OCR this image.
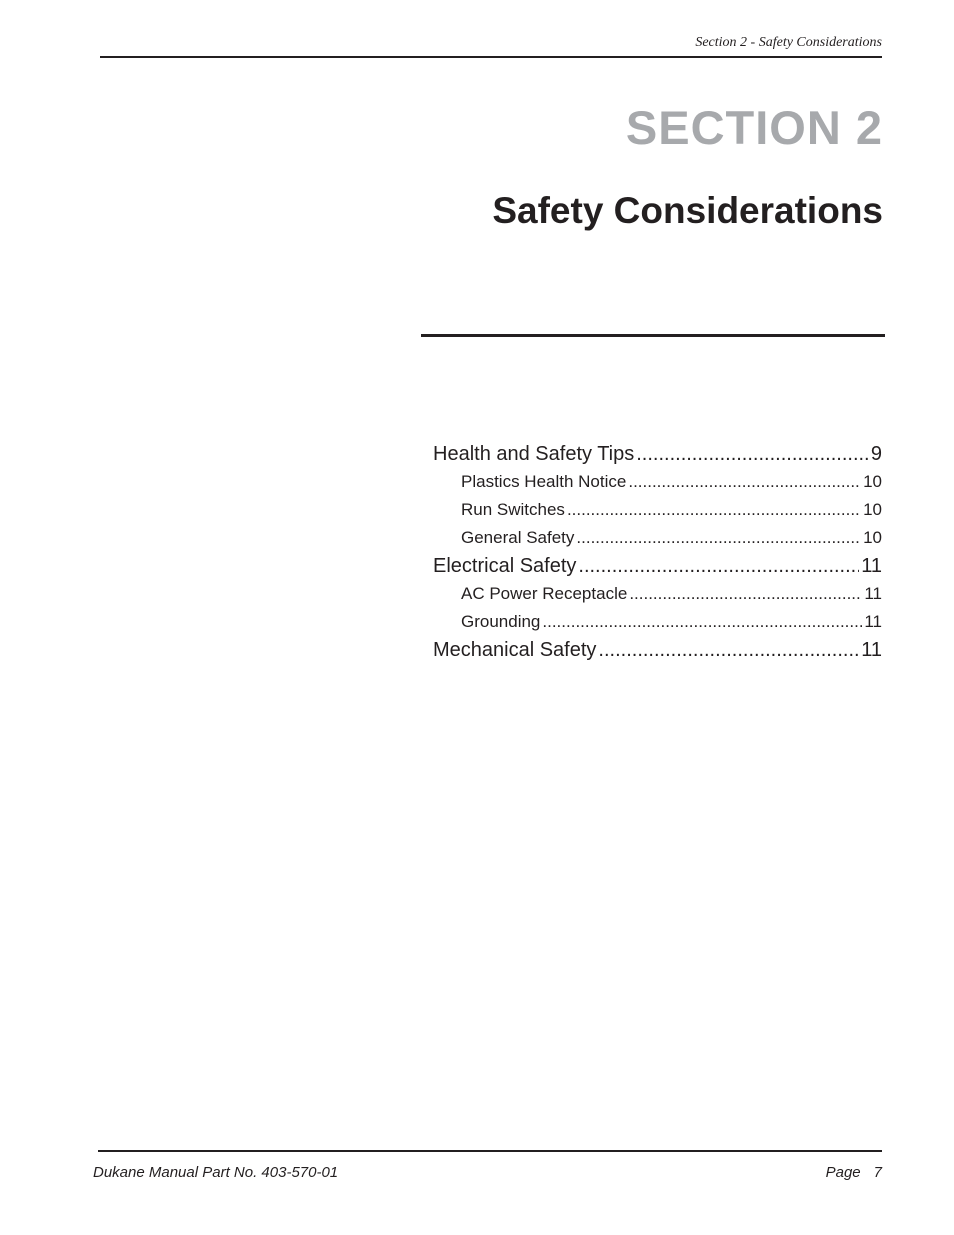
Section 2 - Safety Considerations
SECTION 2
Safety Considerations
Health and Safety Tips .....	9
Plastics Health Notice .....	10
Run Switches .....	10
General Safety .....	10
Electrical Safety .....	11
AC Power Receptacle .....	11
Grounding .....	11
Mechanical Safety .....	11
Dukane Manual Part No. 403-570-01	Page 7
